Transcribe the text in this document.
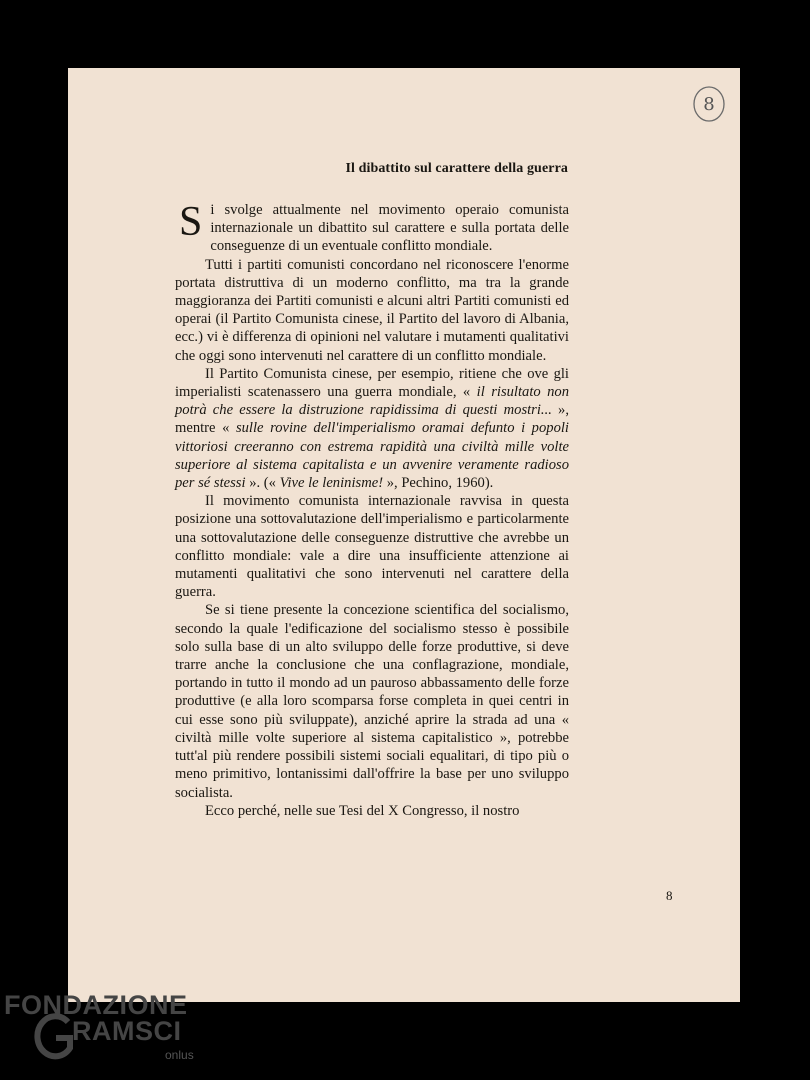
8
Il dibattito sul carattere della guerra

Si svolge attualmente nel movimento operaio comunista internazionale un dibattito sul carattere e sulla portata delle conseguenze di un eventuale conflitto mondiale.

Tutti i partiti comunisti concordano nel riconoscere l'enorme portata distruttiva di un moderno conflitto, ma tra la grande maggioranza dei Partiti comunisti e alcuni altri Partiti comunisti ed operai (il Partito Comunista cinese, il Partito del lavoro di Albania, ecc.) vi è differenza di opinioni nel valutare i mutamenti qualitativi che oggi sono intervenuti nel carattere di un conflitto mondiale.

Il Partito Comunista cinese, per esempio, ritiene che ove gli imperialisti scatenassero una guerra mondiale, « il risultato non potrà che essere la distruzione rapidissima di questi mostri... », mentre « sulle rovine dell'imperialismo oramai defunto i popoli vittoriosi creeranno con estrema rapidità una civiltà mille volte superiore al sistema capitalista e un avvenire veramente radioso per sé stessi ». (« Vive le leninisme! », Pechino, 1960).

Il movimento comunista internazionale ravvisa in questa posizione una sottovalutazione dell'imperialismo e particolarmente una sottovalutazione delle conseguenze distruttive che avrebbe un conflitto mondiale: vale a dire una insufficiente attenzione ai mutamenti qualitativi che sono intervenuti nel carattere della guerra.

Se si tiene presente la concezione scientifica del socialismo, secondo la quale l'edificazione del socialismo stesso è possibile solo sulla base di un alto sviluppo delle forze produttive, si deve trarre anche la conclusione che una conflagrazione, mondiale, portando in tutto il mondo ad un pauroso abbassamento delle forze produttive (e alla loro scomparsa forse completa in quei centri in cui esse sono più sviluppate), anziché aprire la strada ad una « civiltà mille volte superiore al sistema capitalistico », potrebbe tutt'al più rendere possibili sistemi sociali equalitari, di tipo più o meno primitivo, lontanissimi dall'offrire la base per uno sviluppo socialista.

Ecco perché, nelle sue Tesi del X Congresso, il nostro

8
FONDAZIONE
RAMSCI
onlus
